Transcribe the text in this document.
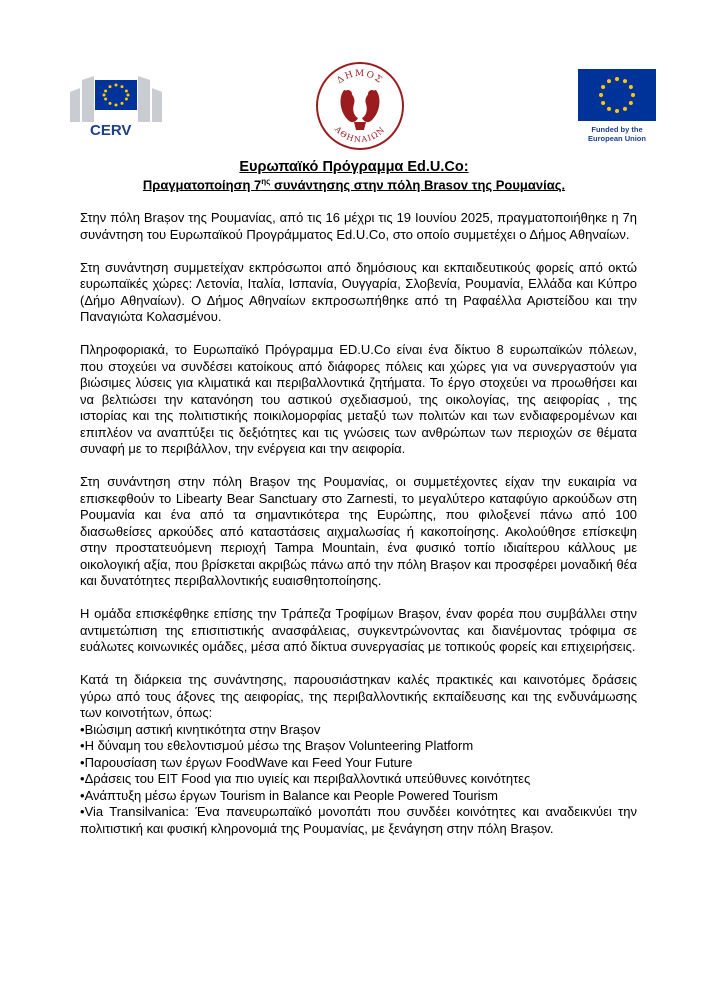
CERV
ΔΗΜΟΣ
ΑΘΗΝΑΙΩΝ	Funded by the
European Union
Ευρωπαϊκό Πρόγραμμα Ed.U.Co:
Πραγματοποίηση $7^{\eta\varsigma}$ συνάντησης στην πόλη Brasov της Ρουμανίας.

Στην πόλη Brașov της Ρουμανίας, από τις 16 μέχρι τις 19 Ιουνίου 2025, πραγματοποιήθηκε η 7η συνάντηση του Ευρωπαϊκού Προγράμματος Ed.U.Co, στο οποίο συμμετέχει ο Δήμος Αθηναίων.

Στη συνάντηση συμμετείχαν εκπρόσωποι από δημόσιους και εκπαιδευτικούς φορείς από οκτώ ευρωπαϊκές χώρες: Λετονία, Ιταλία, Ισπανία, Ουγγαρία, Σλοβενία, Ρουμανία, Ελλάδα και Κύπρο (Δήμο Αθηναίων). Ο Δήμος Αθηναίων εκπροσωπήθηκε από τη Ραφαέλλα Αριστείδου και την Παναγιώτα Κολασμένου.

Πληροφοριακά, το Ευρωπαϊκό Πρόγραμμα ED.U.Co είναι ένα δίκτυο 8 ευρωπαϊκών πόλεων, που στοχεύει να συνδέσει κατοίκους από διάφορες πόλεις και χώρες για να συνεργαστούν για βιώσιμες λύσεις για κλιματικά και περιβαλλοντικά ζητήματα. Το έργο στοχεύει να προωθήσει και να βελτιώσει την κατανόηση του αστικού σχεδιασμού, της οικολογίας, της αειφορίας , της ιστορίας και της πολιτιστικής ποικιλομορφίας μεταξύ των πολιτών και των ενδιαφερομένων και επιπλέον να αναπτύξει τις δεξιότητες και τις γνώσεις των ανθρώπων των περιοχών σε θέματα συναφή με το περιβάλλον, την ενέργεια και την αειφορία.

Στη συνάντηση στην πόλη Brașov της Ρουμανίας, οι συμμετέχοντες είχαν την ευκαιρία να επισκεφθούν το Libearty Bear Sanctuary στο Zarnesti, το μεγαλύτερο καταφύγιο αρκούδων στη Ρουμανία και ένα από τα σημαντικότερα της Ευρώπης, που φιλοξενεί πάνω από 100 διασωθείσες αρκούδες από καταστάσεις αιχμαλωσίας ή κακοποίησης. Ακολούθησε επίσκεψη στην προστατευόμενη περιοχή Tampa Mountain, ένα φυσικό τοπίο ιδιαίτερου κάλλους με οικολογική αξία, που βρίσκεται ακριβώς πάνω από την πόλη Brașov και προσφέρει μοναδική θέα και δυνατότητες περιβαλλοντικής ευαισθητοποίησης.

Η ομάδα επισκέφθηκε επίσης την Τράπεζα Τροφίμων Brașov, έναν φορέα που συμβάλλει στην αντιμετώπιση της επισιτιστικής ανασφάλειας, συγκεντρώνοντας και διανέμοντας τρόφιμα σε ευάλωτες κοινωνικές ομάδες, μέσα από δίκτυα συνεργασίας με τοπικούς φορείς και επιχειρήσεις.

Κατά τη διάρκεια της συνάντησης, παρουσιάστηκαν καλές πρακτικές και καινοτόμες δράσεις γύρω από τους άξονες της αειφορίας, της περιβαλλοντικής εκπαίδευσης και της ενδυνάμωσης των κοινοτήτων, όπως:

• Βιώσιμη αστική κινητικότητα στην Brașov
• Η δύναμη του εθελοντισμού μέσω της Brașov Volunteering Platform
• Παρουσίαση των έργων FoodWave και Feed Your Future
• Δράσεις του EIT Food για πιο υγιείς και περιβαλλοντικά υπεύθυνες κοινότητες
• Ανάπτυξη μέσω έργων Tourism in Balance και People Powered Tourism
• Via Transilvanica: Ένα πανευρωπαϊκό μονοπάτι που συνδέει κοινότητες και αναδεικνύει την πολιτιστική και φυσική κληρονομιά της Ρουμανίας, με ξενάγηση στην πόλη Brașov.
